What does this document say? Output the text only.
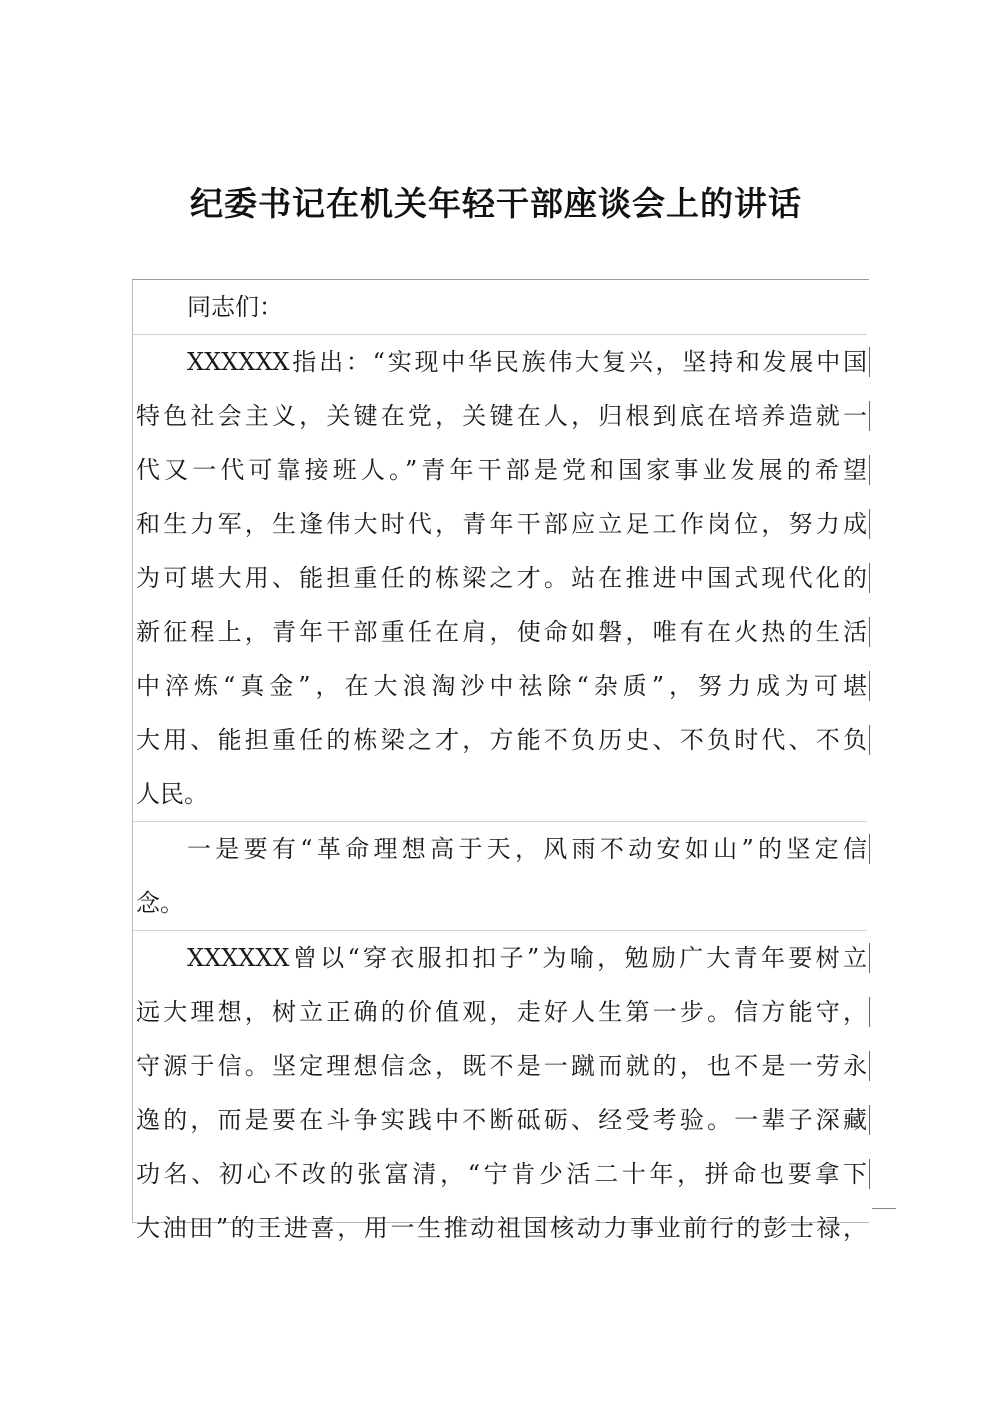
纪委书记在机关年轻干部座谈会上的讲话
同志们：
XXXXXX指出：“实现中华民族伟大复兴，坚持和发展中国
特色社会主义，关键在党，关键在人，归根到底在培养造就一
代又一代可靠接班人。”青年干部是党和国家事业发展的希望
和生力军，生逢伟大时代，青年干部应立足工作岗位，努力成
为可堪大用、能担重任的栋梁之才。站在推进中国式现代化的
新征程上，青年干部重任在肩，使命如磐，唯有在火热的生活
中淬炼“真金”，在大浪淘沙中祛除“杂质”，努力成为可堪
大用、能担重任的栋梁之才，方能不负历史、不负时代、不负
人民。
一是要有“革命理想高于天，风雨不动安如山”的坚定信
念。
XXXXXX曾以“穿衣服扣扣子”为喻，勉励广大青年要树立
远大理想，树立正确的价值观，走好人生第一步。信方能守，
守源于信。坚定理想信念，既不是一蹴而就的，也不是一劳永
逸的，而是要在斗争实践中不断砥砺、经受考验。一辈子深藏
功名、初心不改的张富清，“宁肯少活二十年，拼命也要拿下
大油田”的王进喜，用一生推动祖国核动力事业前行的彭士禄，
